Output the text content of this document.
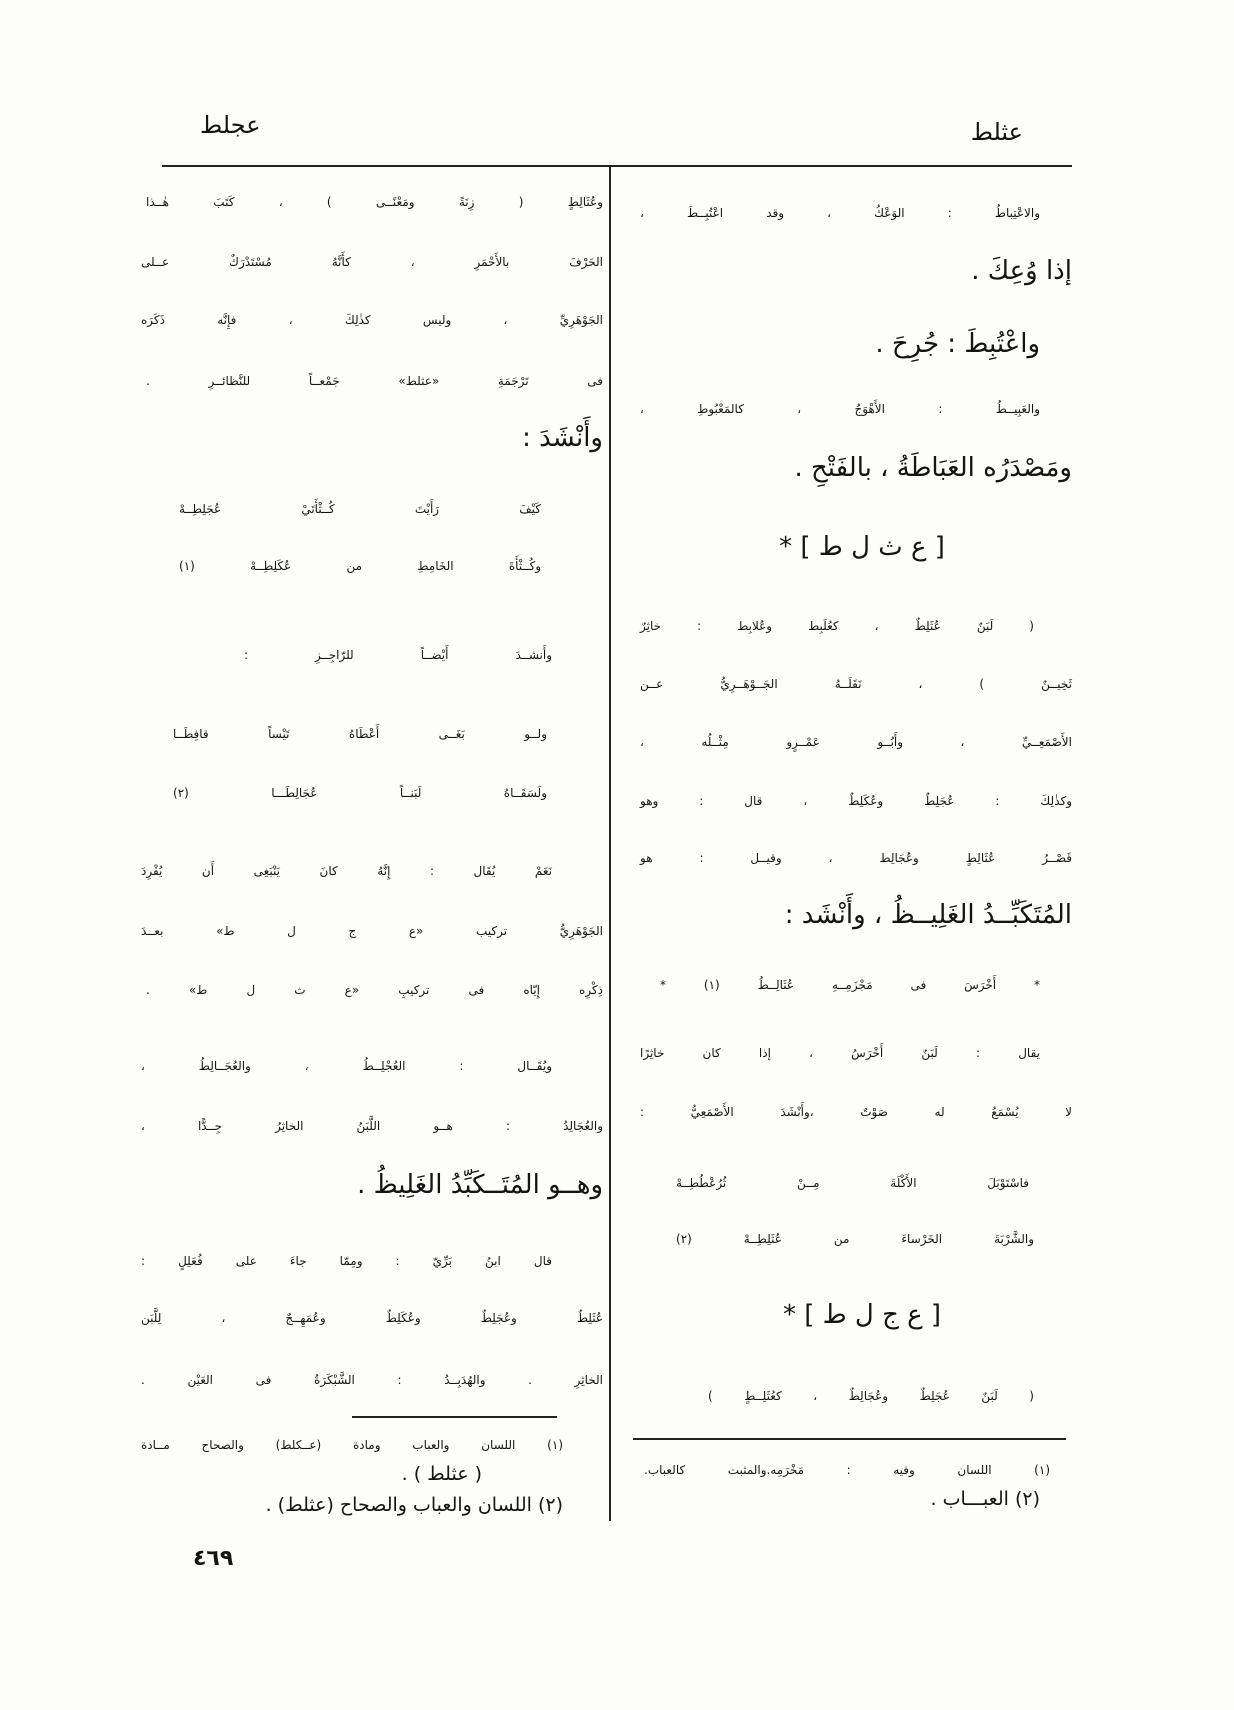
عثلط
عجلط
والاعْتِباطُ : الوَعْكُ ، وقد اعْتُبِــطَ ،
إذا وُعِكَ .
واعْتُبِطَ : جُرِحَ .
والعَبِيــطُ : الأَهْوَجُ ، كالمَعْبُوطِ ،
ومَصْدَرُه العَبَاطَةُ ، بالفَتْحِ .
[ ع ث ل ط ] *
( لَبَنٌ عُثَلِطٌ ، كعُلَبِط وعُلابِط : خاثِرٌ
ثَخِيــنٌ ) ، نَقَلَــهُ الجَــوْهَــرِيُّ عــن
الأَصْمَعِــيِّ ، وأَبُــو عَمْــرٍو مِثْــلُه ،
وكذٰلِكَ : عُجَلِطٌ وعُكَلِطٌ ، قال : وهو
قَصْــرُ عُثَالِطٍ وعُجَالِط ، وقيــل : هو
المُتَكَبِّــدُ الغَلِيــظُ ، وأَنْشَد :
* أَخْرَسَ فى مَجْزَمِــهِ عُثَالِــطُ (١) *
يقال : لَبَنٌ أَخْرَسُ ، إذا كان خاثِرًا
لا يُسْمَعُ له صَوْتٌ ،وأَنْشَدَ الأَصْمَعِيُّ :
فاسْتَوْبَلَ الأَكْلَةَ مِــنْ ثُرُعْطُطِــهْ
والشَّرْبَةَ الخَرْساءَ من عُثَلِطِــهْ (٢)
[ ع ج ل ط ] *
( لَبَنٌ عُجَلِطٌ وعُجَالِطٌ ، كعُثَلِــطٍ )
(١) اللسان وفيه : مَخْرَمِه.والمثبت كالعباب.
(٢) العبـــاب .
وعُثَالِطٍ ( زِنَةً ومَعْنًــى ) ، كَتَبَ هٰــذا
الحَرْفَ بالأَحْمَرِ ، كأَنَّهُ مُسْتَدْرَكٌ عــلى
الجَوْهَرِيِّ ، وليس كذٰلِكَ ، فإِنَّه ذَكَرَه
فى تَرْجَمَةِ «عثلط» جَمْعــاً للنَّظائــرِ .
وأَنْشَدَ :
كَيْفَ رَأَيْتَ كُــثْأَتَيْ عُجَلِطِــهْ
وكُــثْأَةَ الخَامِطِ من عُكَلِطِــهْ (١)
وأَنشــدَ أَيْضــاً للرّاجِــزِ :
ولــو بَغَــى أَعْطَاهُ تَيْساً قافِطَــا
ولَسَقَــاهُ لَبَنــاً عُجَالِطَـــا (٢)
نَعَمْ يُقَال : إِنَّهُ كانَ يَنْبَغِى أَن يُفْرِدَ
الجَوْهَرِيُّ تركيب «ع ج ل ط» بعــدَ
ذِكْرِه إِيّاه فى تركيبِ «ع ث ل ط» .
ويُقَــال : العُجْلِــطُ ، والعُجَــالِطُ ،
والعُجَالِدُ : هــو اللَّبَنُ الخاثِرُ جِــدًّا ،
وهــو المُتَــكَبِّدُ الغَلِيظُ .
قال ابنُ بَرِّيّ : ومِمّا جاءَ على فُعَلِلٍ :
عُثَلِطٌ وعُجَلِطٌ وعُكَلِطٌ وعُمَهِــجٌ ، لِلَّبَن
الخاثِرِ . والهُدَبِــدُ : الشَّبْكَرَةُ فى العَيْن .
(١) اللسان والعباب ومادة (عــكلط) والصحاح مــادة
( عثلط ) .
(٢) اللسان والعباب والصحاح (عثلط) .
٤٦٩
